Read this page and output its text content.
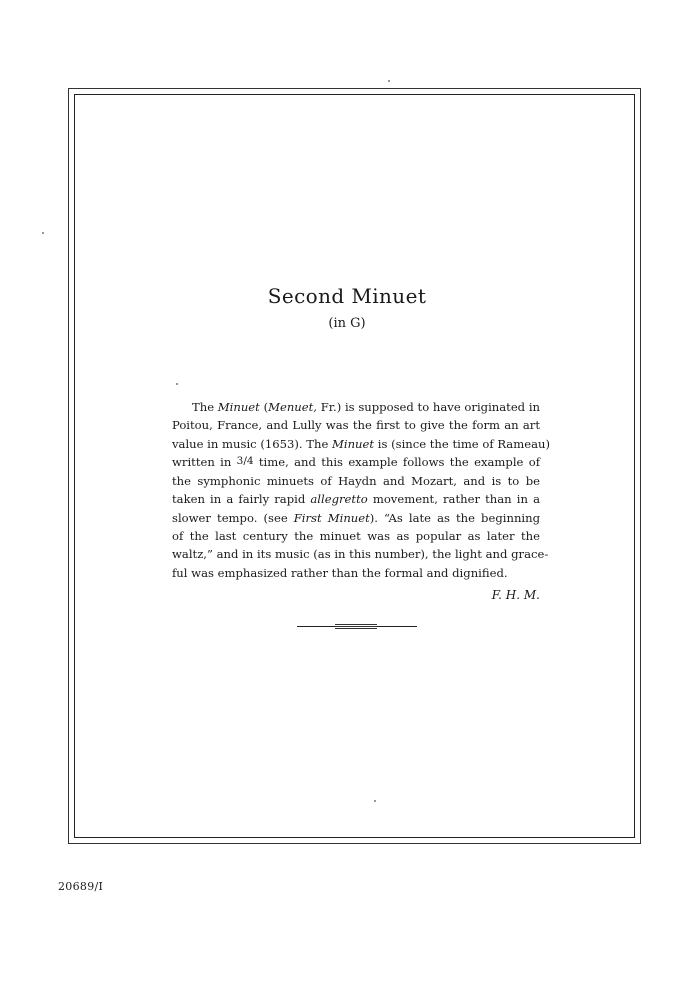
Second Minuet
(in G)
The Minuet (Menuet, Fr.) is supposed to have originated in
Poitou, France, and Lully was the first to give the form an art
value in music (1653). The Minuet is (since the time of Rameau)
written in 3/4 time, and this example follows the example of
the symphonic minuets of Haydn and Mozart, and is to be
taken in a fairly rapid allegretto movement, rather than in a
slower tempo. (see First Minuet). “As late as the beginning
of the last century the minuet was as popular as later the
waltz,” and in its music (as in this number), the light and grace-
ful was emphasized rather than the formal and dignified.
F. H. M.
20689/I
